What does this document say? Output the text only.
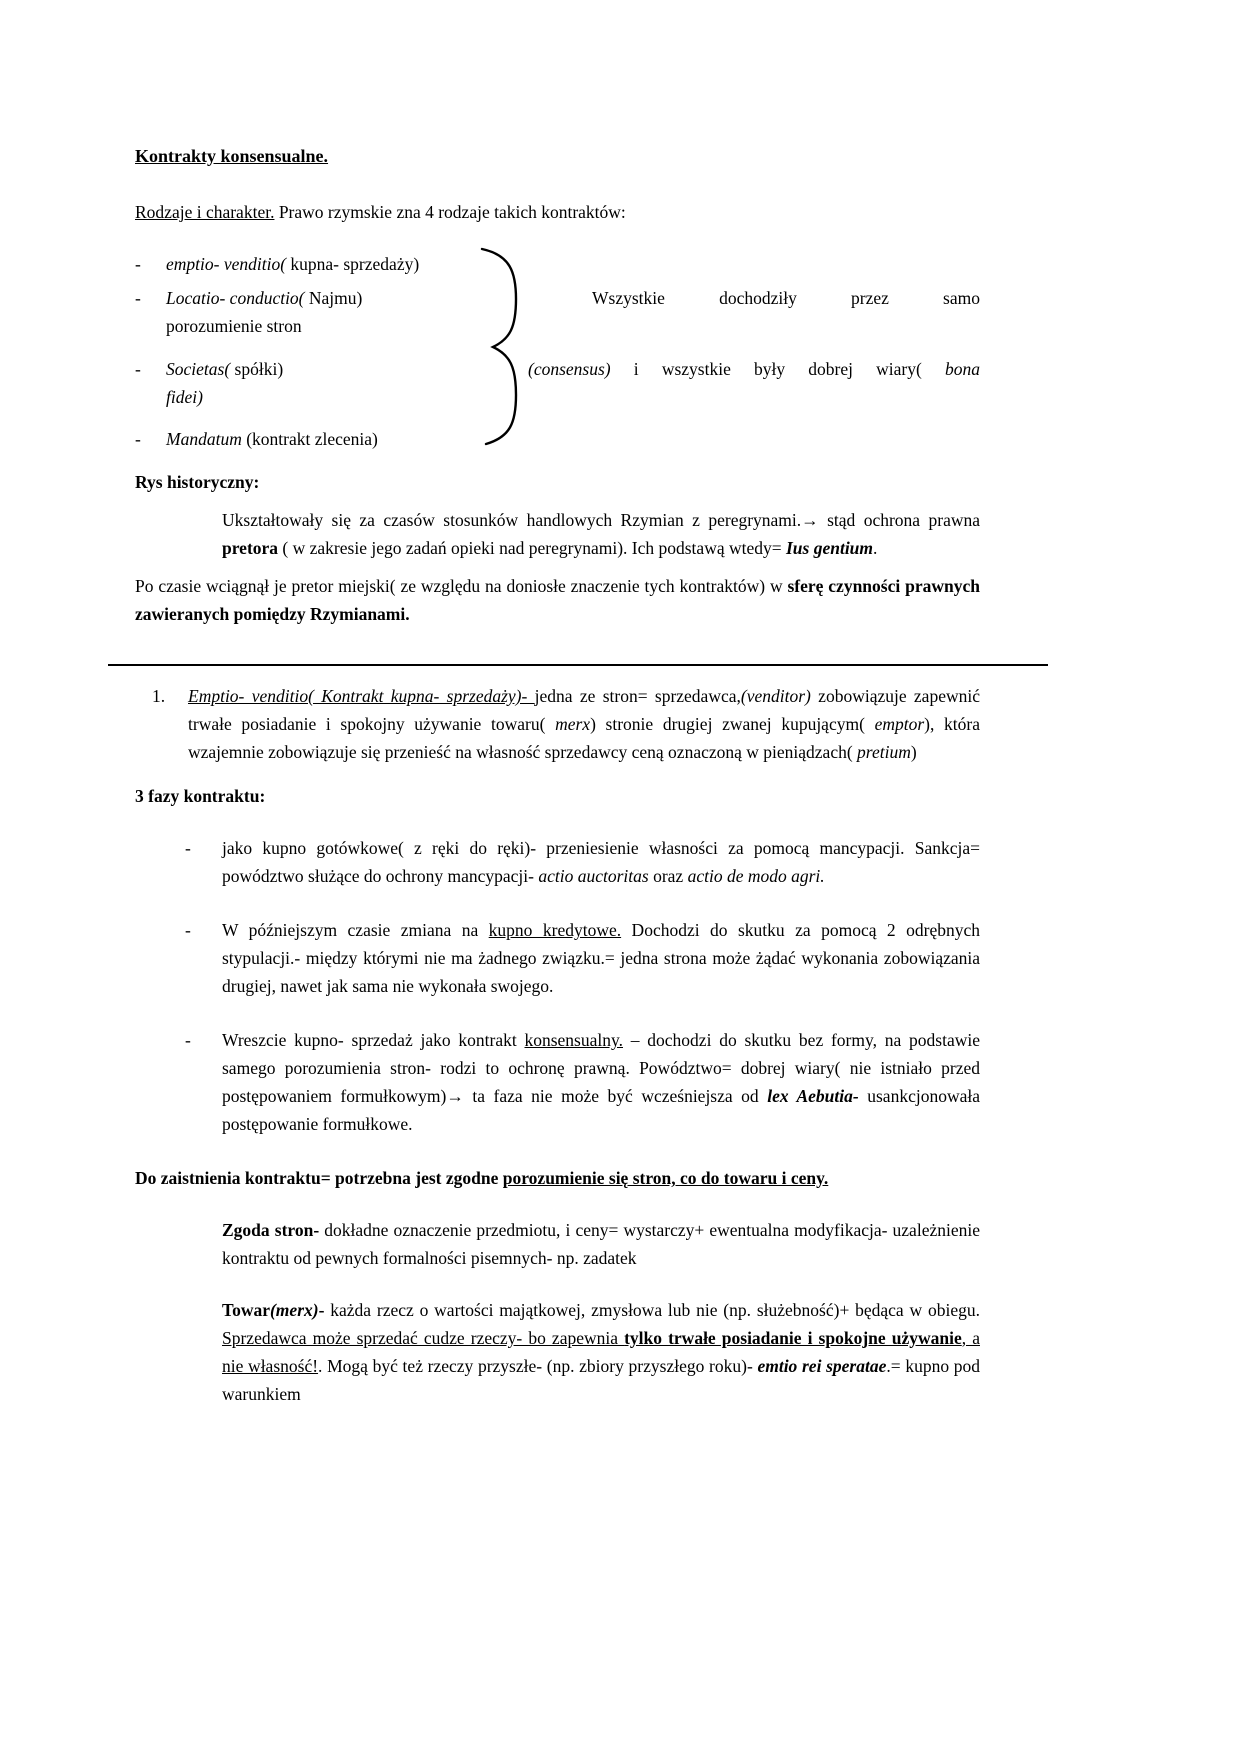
Kontrakty konsensualne.

Rodzaje i charakter. Prawo rzymskie zna 4 rodzaje takich kontraktów:

-	emptio- venditio( kupna- sprzedaży)
-	Locatio- conductio( Najmu)
porozumienie stron
-	Societas( spółki)
fidei)
-	Mandatum (kontrakt zlecenia)
Wszystkie dochodziły przez samo
(consensus) i wszystkie były dobrej wiary( bona

Rys historyczny:

Ukształtowały się za czasów stosunków handlowych Rzymian z peregrynami.→ stąd ochrona prawna pretora ( w zakresie jego zadań opieki nad peregrynami). Ich podstawą wtedy= Ius gentium.

Po czasie wciągnął je pretor miejski( ze względu na doniosłe znaczenie tych kontraktów) w sferę czynności prawnych zawieranych pomiędzy Rzymianami.

1.	Emptio- venditio( Kontrakt kupna- sprzedaży)- jedna ze stron= sprzedawca,(venditor) zobowiązuje zapewnić trwałe posiadanie i spokojny używanie towaru( merx) stronie drugiej zwanej kupującym( emptor), która wzajemnie zobowiązuje się przenieść na własność sprzedawcy ceną oznaczoną w pieniądzach( pretium)

3 fazy kontraktu:

-	jako kupno gotówkowe( z ręki do ręki)- przeniesienie własności za pomocą mancypacji. Sankcja= powództwo służące do ochrony mancypacji- actio auctoritas oraz actio de modo agri.
-	W późniejszym czasie zmiana na kupno kredytowe. Dochodzi do skutku za pomocą 2 odrębnych stypulacji.- między którymi nie ma żadnego związku.= jedna strona może żądać wykonania zobowiązania drugiej, nawet jak sama nie wykonała swojego.
-	Wreszcie kupno- sprzedaż jako kontrakt konsensualny. – dochodzi do skutku bez formy, na podstawie samego porozumienia stron- rodzi to ochronę prawną. Powództwo= dobrej wiary( nie istniało przed postępowaniem formułkowym)→ ta faza nie może być wcześniejsza od lex Aebutia- usankcjonowała postępowanie formułkowe.

Do zaistnienia kontraktu= potrzebna jest zgodne porozumienie się stron, co do towaru i ceny.

Zgoda stron- dokładne oznaczenie przedmiotu, i ceny= wystarczy+ ewentualna modyfikacja- uzależnienie kontraktu od pewnych formalności pisemnych- np. zadatek

Towar(merx)- każda rzecz o wartości majątkowej, zmysłowa lub nie (np. służebność)+ będąca w obiegu. Sprzedawca może sprzedać cudze rzeczy- bo zapewnia tylko trwałe posiadanie i spokojne używanie, a nie własność!. Mogą być też rzeczy przyszłe- (np. zbiory przyszłego roku)- emtio rei speratae.= kupno pod warunkiem
